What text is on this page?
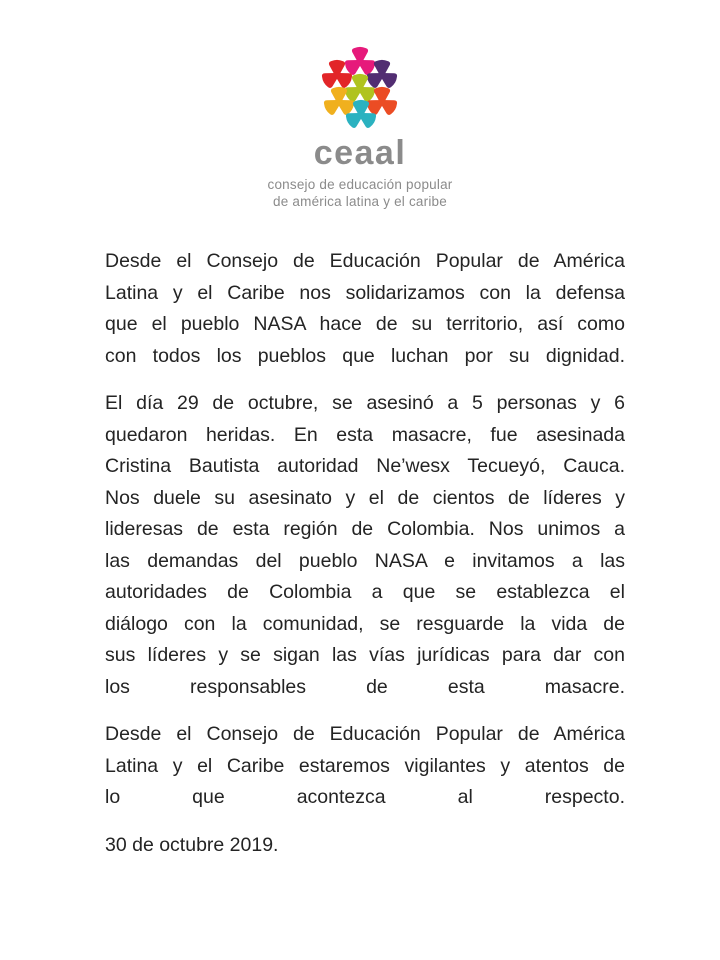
ceaal
consejo de educación popular
de américa latina y el caribe
Desde el Consejo de Educación Popular de América
Latina y el Caribe nos solidarizamos con la defensa
que el pueblo NASA hace de su territorio, así como
con todos los pueblos que luchan por su dignidad.
El día 29 de octubre, se asesinó a 5 personas y 6
quedaron heridas. En esta masacre, fue asesinada
Cristina Bautista autoridad Ne’wesx Tecueyó, Cauca.
Nos duele su asesinato y el de cientos de líderes y
lideresas de esta región de Colombia. Nos unimos a
las demandas del pueblo NASA e invitamos a las
autoridades de Colombia a que se establezca el
diálogo con la comunidad, se resguarde la vida de
sus líderes y se sigan las vías jurídicas para dar con
los responsables de esta masacre.
Desde el Consejo de Educación Popular de América
Latina y el Caribe estaremos vigilantes y atentos de
lo que acontezca al respecto.
30 de octubre 2019.
